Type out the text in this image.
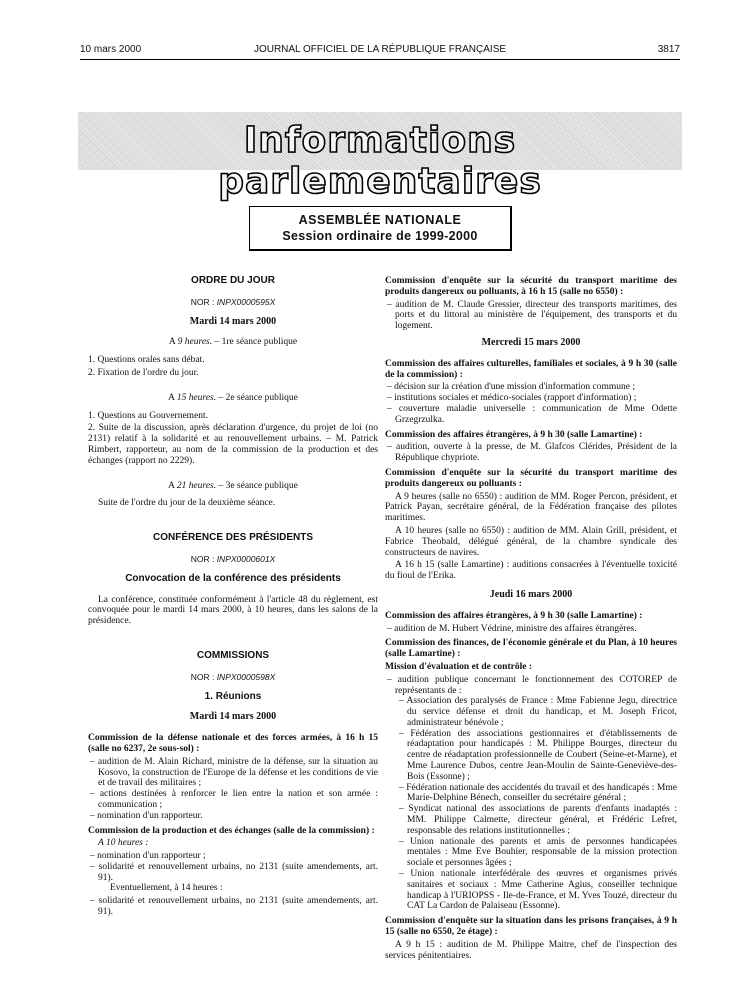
10 mars 2000	JOURNAL OFFICIEL DE LA RÉPUBLIQUE FRANÇAISE	3817
Informations parlementaires
ASSEMBLÉE NATIONALE
Session ordinaire de 1999-2000
ORDRE DU JOUR
NOR : INPX0000595X
Mardi 14 mars 2000
A 9 heures. – 1re séance publique

1. Questions orales sans débat.

2. Fixation de l'ordre du jour.

A 15 heures. – 2e séance publique

1. Questions au Gouvernement.

2. Suite de la discussion, après déclaration d'urgence, du projet de loi (no 2131) relatif à la solidarité et au renouvellement urbains. – M. Patrick Rimbert, rapporteur, au nom de la commission de la production et des échanges (rapport no 2229).

A 21 heures. – 3e séance publique

Suite de l'ordre du jour de la deuxième séance.

CONFÉRENCE DES PRÉSIDENTS
NOR : INPX0000601X
Convocation de la conférence des présidents

La conférence, constituée conformément à l'article 48 du règlement, est convoquée pour le mardi 14 mars 2000, à 10 heures, dans les salons de la présidence.

COMMISSIONS
NOR : INPX0000598X
1. Réunions
Mardi 14 mars 2000

Commission de la défense nationale et des forces armées, à 16 h 15 (salle no 6237, 2e sous-sol) :

– audition de M. Alain Richard, ministre de la défense, sur la situation au Kosovo, la construction de l'Europe de la défense et les conditions de vie et de travail des militaires ;

– actions destinées à renforcer le lien entre la nation et son armée : communication ;

– nomination d'un rapporteur.

Commission de la production et des échanges (salle de la commission) :

A 10 heures :

– nomination d'un rapporteur ;

– solidarité et renouvellement urbains, no 2131 (suite amendements, art. 91).

Eventuellement, à 14 heures :

– solidarité et renouvellement urbains, no 2131 (suite amendements, art. 91).

Commission d'enquête sur la sécurité du transport maritime des produits dangereux ou polluants, à 16 h 15 (salle no 6550) :

– audition de M. Claude Gressier, directeur des transports maritimes, des ports et du littoral au ministère de l'équipement, des transports et du logement.

Mercredi 15 mars 2000

Commission des affaires culturelles, familiales et sociales, à 9 h 30 (salle de la commission) :

– décision sur la création d'une mission d'information commune ;

– institutions sociales et médico-sociales (rapport d'information) ;

– couverture maladie universelle : communication de Mme Odette Grzegrzulka.

Commission des affaires étrangères, à 9 h 30 (salle Lamartine) :

– audition, ouverte à la presse, de M. Glafcos Clérides, Président de la République chypriote.

Commission d'enquête sur la sécurité du transport maritime des produits dangereux ou polluants :

A 9 heures (salle no 6550) : audition de MM. Roger Percon, président, et Patrick Payan, secrétaire général, de la Fédération française des pilotes maritimes.

A 10 heures (salle no 6550) : audition de MM. Alain Grill, président, et Fabrice Theobald, délégué général, de la chambre syndicale des constructeurs de navires.

A 16 h 15 (salle Lamartine) : auditions consacrées à l'éventuelle toxicité du fioul de l'Erika.

Jeudi 16 mars 2000

Commission des affaires étrangères, à 9 h 30 (salle Lamartine) :

– audition de M. Hubert Védrine, ministre des affaires étrangères.

Commission des finances, de l'économie générale et du Plan, à 10 heures (salle Lamartine) :

Mission d'évaluation et de contrôle :

– audition publique concernant le fonctionnement des COTOREP de représentants de :

– Association des paralysés de France : Mme Fabienne Jegu, directrice du service défense et droit du handicap, et M. Joseph Fricot, administrateur bénévole ;

– Fédération des associations gestionnaires et d'établissements de réadaptation pour handicapés : M. Philippe Bourges, directeur du centre de réadaptation professionnelle de Coubert (Seine-et-Marne), et Mme Laurence Dubos, centre Jean-Moulin de Sainte-Geneviève-des-Bois (Essonne) ;

– Fédération nationale des accidentés du travail et des handicapés : Mme Marie-Delphine Bénech, conseiller du secrétaire général ;

– Syndicat national des associations de parents d'enfants inadaptés : MM. Philippe Calmette, directeur général, et Frédéric Lefret, responsable des relations institutionnelles ;

– Union nationale des parents et amis de personnes handicapées mentales : Mme Eve Bouhier, responsable de la mission protection sociale et personnes âgées ;

– Union nationale interfédérale des œuvres et organismes privés sanitaires et sociaux : Mme Catherine Agius, conseiller technique handicap à l'URIOPSS - Ile-de-France, et M. Yves Touzé, directeur du CAT La Cardon de Palaiseau (Essonne).

Commission d'enquête sur la situation dans les prisons françaises, à 9 h 15 (salle no 6550, 2e étage) :

A 9 h 15 : audition de M. Philippe Maitre, chef de l'inspection des services pénitentiaires.
